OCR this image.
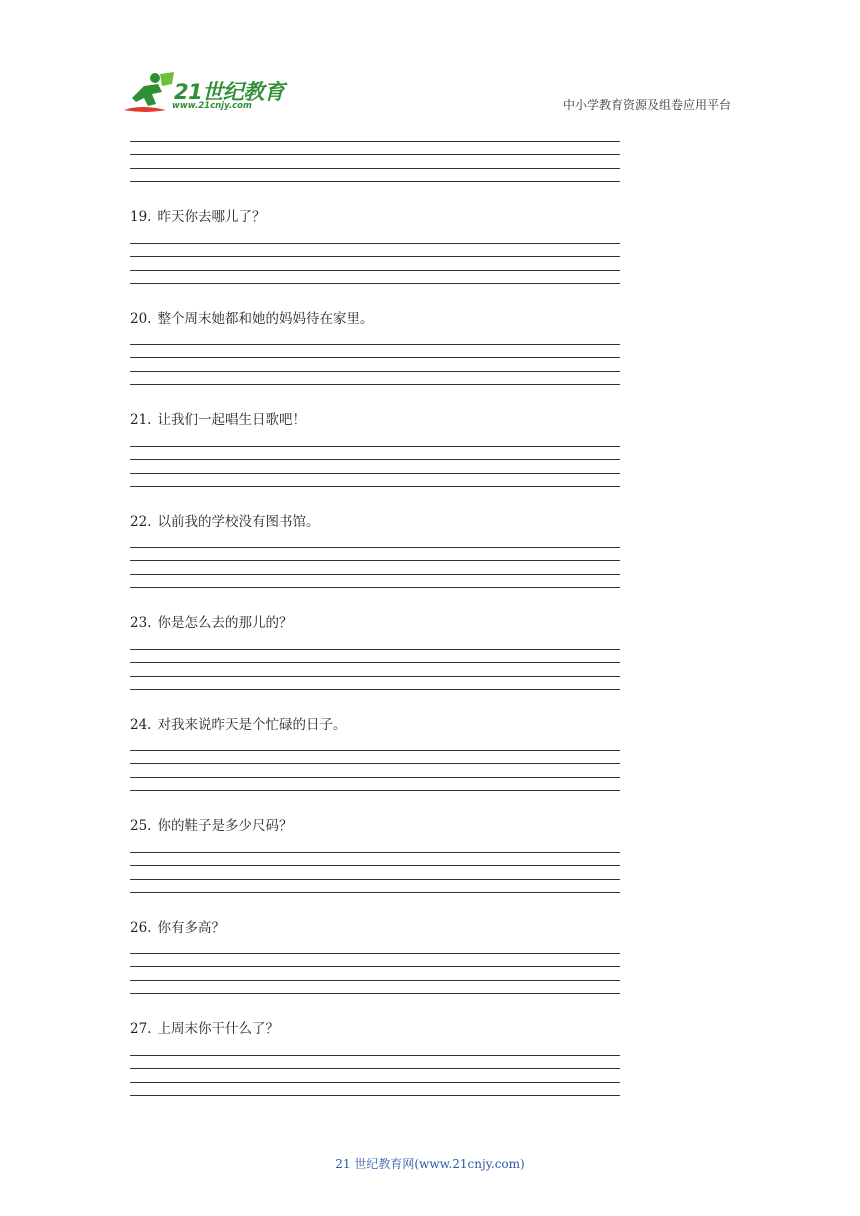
21世纪教育
www.21cnjy.com	中小学教育资源及组卷应用平台
19. 昨天你去哪儿了？
20. 整个周末她都和她的妈妈待在家里。
21. 让我们一起唱生日歌吧！
22. 以前我的学校没有图书馆。
23. 你是怎么去的那儿的？
24. 对我来说昨天是个忙碌的日子。
25. 你的鞋子是多少尺码？
26. 你有多高？
27. 上周末你干什么了？
21 世纪教育网(www.21cnjy.com)
